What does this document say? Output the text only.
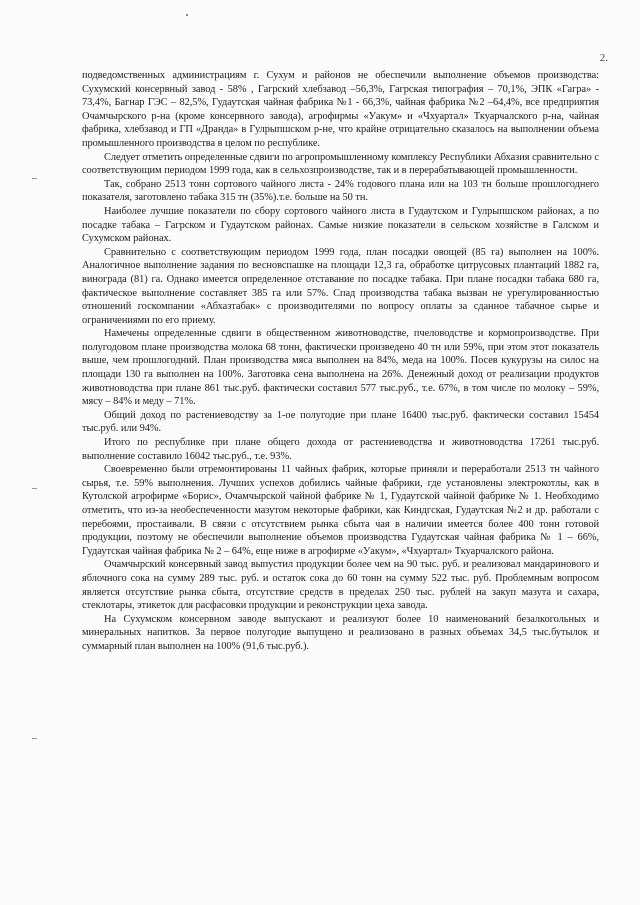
2.

подведомственных администрациям г. Сухум и районов не обеспечили выполнение объемов производства: Сухумский консервный завод - 58% , Гагрский хлебзавод –56,3%, Гагрская типография – 70,1%, ЭПК «Гагра» - 73,4%, Багнар ГЭС – 82,5%, Гудаутская чайная фабрика №1 - 66,3%, чайная фабрика №2 –64,4%, все предприятия Очамчырского р-на (кроме консервного завода), агрофирмы «Уакум» и «Чхуартал» Ткуарчалского р-на, чайная фабрика, хлебзавод и ГП «Дранда» в Гулрыпшском р-не, что крайне отрицательно сказалось на выполнении объема промышленного производства в целом по республике.

Следует отметить определенные сдвиги по агропромышленному комплексу Республики Абхазия сравнительно с соответствующим периодом 1999 года, как в сельхозпроизводстве, так и в перерабатывающей промышленности.

Так, собрано 2513 тонн сортового чайного листа - 24% годового плана или на 103 тн больше прошлогоднего показателя, заготовлено табака 315 тн (35%).т.е. больше на 50 тн.

Наиболее лучшие показатели по сбору сортового чайного листа в Гудаутском и Гулрыпшском районах, а по посадке табака – Гагрском и Гудаутском районах. Самые низкие показатели в сельском хозяйстве в Галском и Сухумском районах.

Сравнительно с соответствующим периодом 1999 года, план посадки овощей (85 га) выполнен на 100%. Аналогичное выполнение задания по весновспашке на площади 12,3 га, обработке цитрусовых плантаций 1882 га, винограда (81) га. Однако имеется определенное отставание по посадке табака. При плане посадки табака 680 га, фактическое выполнение составляет 385 га или 57%. Спад производства табака вызван не урегулированностью отношений госкомпании «Абхазтабак» с производителями по вопросу оплаты за сданное табачное сырье и ограничениями по его приему.

Намечены определенные сдвиги в общественном животноводстве, пчеловодстве и кормопроизводстве. При полугодовом плане производства молока 68 тонн, фактически произведено 40 тн или 59%, при этом этот показатель выше, чем прошлогодний. План производства мяса выполнен на 84%, меда на 100%. Посев кукурузы на силос на площади 130 га выполнен на 100%. Заготовка сена выполнена на 26%. Денежный доход от реализации продуктов животноводства при плане 861 тыс.руб. фактически составил 577 тыс.руб., т.е. 67%, в том числе по молоку – 59%, мясу – 84% и меду – 71%.

Общий доход по растениеводству за 1-ое полугодие при плане 16400 тыс.руб. фактически составил 15454 тыс.руб. или 94%.

Итого по республике при плане общего дохода от растениеводства и животноводства 17261 тыс.руб. выполнение составило 16042 тыс.руб., т.е. 93%.

Своевременно были отремонтированы 11 чайных фабрик, которые приняли и переработали 2513 тн чайного сырья, т.е. 59% выполнения. Лучших успехов добились чайные фабрики, где установлены электрокотлы, как в Кутолской агрофирме «Борис», Очамчырской чайной фабрике № 1, Гудаутской чайной фабрике № 1. Необходимо отметить, что из-за необеспеченности мазутом некоторые фабрики, как Киндгская, Гудаутская №2 и др. работали с перебоями, простаивали. В связи с отсутствием рынка сбыта чая в наличии имеется более 400 тонн готовой продукции, поэтому не обеспечили выполнение объемов производства Гудаутская чайная фабрика № 1 – 66%, Гудаутская чайная фабрика № 2 – 64%, еще ниже в агрофирме «Уакум», «Чхуартал» Ткуарчалского района.

Очамчырский консервный завод выпустил продукции более чем на 90 тыс. руб. и реализовал мандаринового и яблочного сока на сумму 289 тыс. руб. и остаток сока до 60 тонн на сумму 522 тыс. руб. Проблемным вопросом является отсутствие рынка сбыта, отсутствие средств в пределах 250 тыс. рублей на закуп мазута и сахара, стеклотары, этикеток для расфасовки продукции и реконструкции цеха завода.

На Сухумском консервном заводе выпускают и реализуют более 10 наименований безалкогольных и минеральных напитков. За первое полугодие выпущено и реализовано в разных объемах 34,5 тыс.бутылок и суммарный план выполнен на 100% (91,6 тыс.руб.).
